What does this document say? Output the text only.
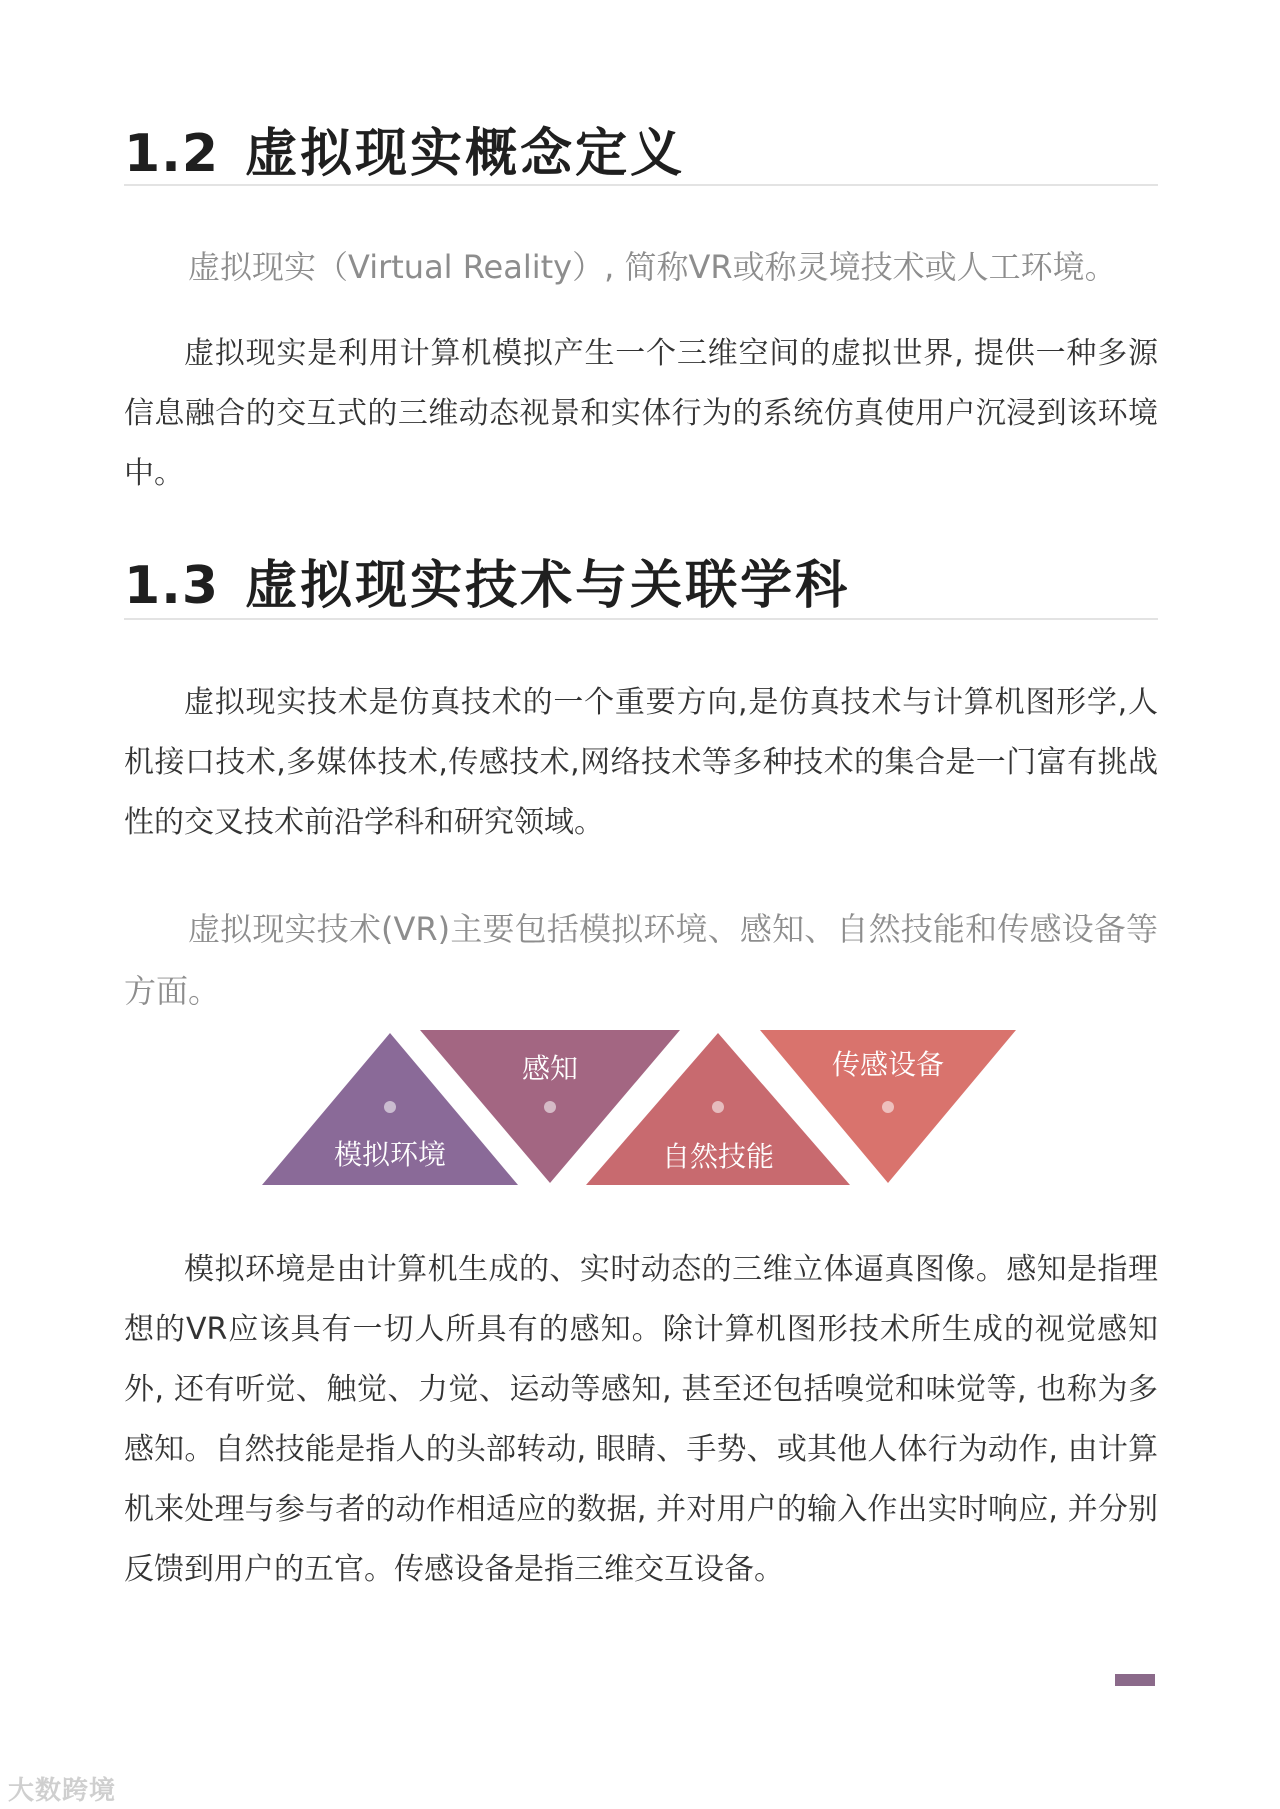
1.2 虚拟现实概念定义

虚拟现实（Virtual Reality）, 简称VR或称灵境技术或人工环境。

虚拟现实是利用计算机模拟产生一个三维空间的虚拟世界, 提供一种多源信息融合的交互式的三维动态视景和实体行为的系统仿真使用户沉浸到该环境中。

1.3 虚拟现实技术与关联学科

虚拟现实技术是仿真技术的一个重要方向,是仿真技术与计算机图形学,人机接口技术,多媒体技术,传感技术,网络技术等多种技术的集合是一门富有挑战性的交叉技术前沿学科和研究领域。

虚拟现实技术(VR)主要包括模拟环境、感知、自然技能和传感设备等方面。

模拟环境
感知
自然技能
传感设备

模拟环境是由计算机生成的、实时动态的三维立体逼真图像。感知是指理想的VR应该具有一切人所具有的感知。除计算机图形技术所生成的视觉感知外, 还有听觉、触觉、力觉、运动等感知, 甚至还包括嗅觉和味觉等, 也称为多感知。自然技能是指人的头部转动, 眼睛、手势、或其他人体行为动作, 由计算机来处理与参与者的动作相适应的数据, 并对用户的输入作出实时响应, 并分别反馈到用户的五官。传感设备是指三维交互设备。

大数跨境
